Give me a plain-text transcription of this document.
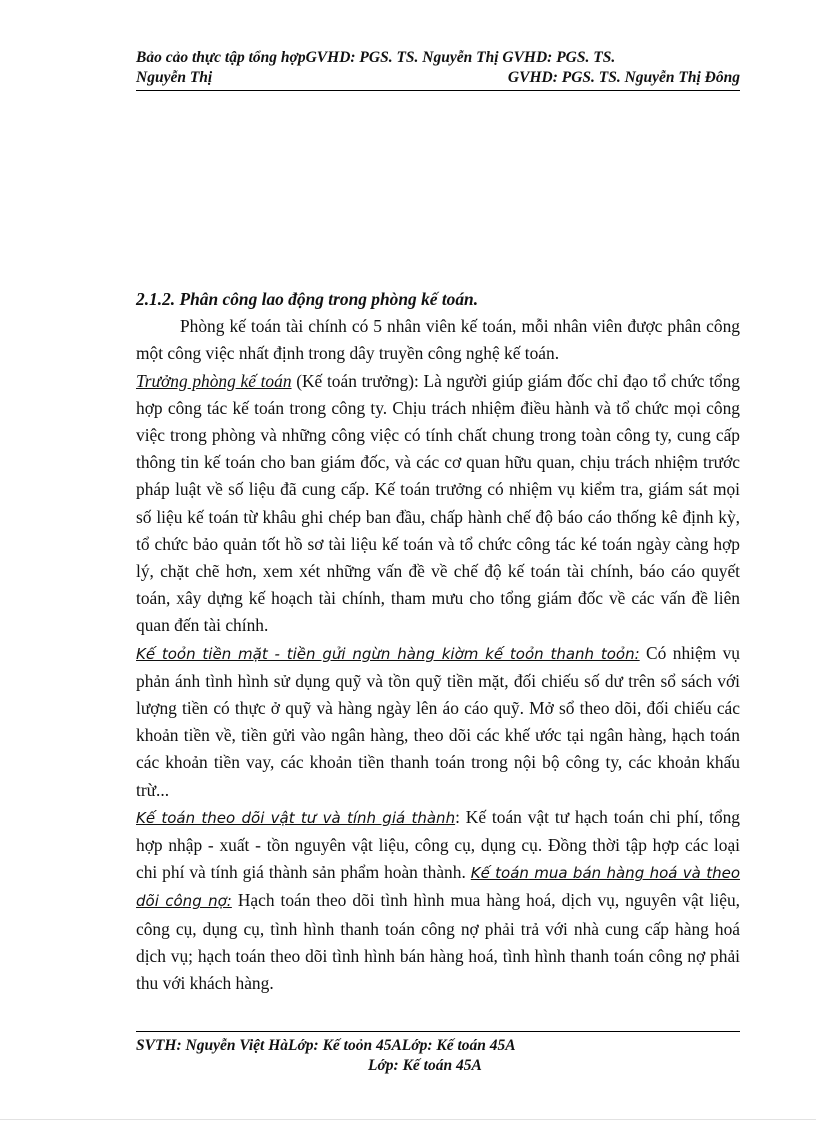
Bảo cảo thực tập tổng hợpGVHD: PGS. TS. Nguyễn Thị GVHD: PGS. TS.
Nguyễn Thị	GVHD: PGS. TS. Nguyễn Thị Đông

2.1.2. Phân công lao động trong phòng kế toán.

Phòng kế toán tài chính có 5 nhân viên kế toán, mỗi nhân viên được phân công một công việc nhất định trong dây truyền công nghệ kế toán.

Trưởng phòng kế toán (Kế toán trưởng): Là người giúp giám đốc chỉ đạo tổ chức tổng hợp công tác kế toán trong công ty. Chịu trách nhiệm điều hành và tổ chức mọi công việc trong phòng và những công việc có tính chất chung trong toàn công ty, cung cấp thông tin kế toán cho ban giám đốc, và các cơ quan hữu quan, chịu trách nhiệm trước pháp luật về số liệu đã cung cấp. Kế toán trưởng có nhiệm vụ kiểm tra, giám sát mọi số liệu kế toán từ khâu ghi chép ban đầu, chấp hành chế độ báo cáo thống kê định kỳ, tổ chức bảo quản tốt hồ sơ tài liệu kế toán và tổ chức công tác ké toán ngày càng hợp lý, chặt chẽ hơn, xem xét những vấn đề về chế độ kế toán tài chính, báo cáo quyết toán, xây dựng kế hoạch tài chính, tham mưu cho tổng giám đốc về các vấn đề liên quan đến tài chính.

Kế toỏn tiền mặt - tiền gửi ngừn hàng kiờm kế toỏn thanh toỏn: Có nhiệm vụ phản ánh tình hình sử dụng quỹ và tồn quỹ tiền mặt, đối chiếu số dư trên sổ sách với lượng tiền có thực ở quỹ và hàng ngày lên áo cáo quỹ. Mở sổ theo dõi, đối chiếu các khoản tiền về, tiền gửi vào ngân hàng, theo dõi các khế ước tại ngân hàng, hạch toán các khoản tiền vay, các khoản tiền thanh toán trong nội bộ công ty, các khoản khấu trừ...

Kế toán theo dõi vật tư và tính giá thành: Kế toán vật tư hạch toán chi phí, tổng hợp nhập - xuất - tồn nguyên vật liệu, công cụ, dụng cụ. Đồng thời tập hợp các loại chi phí và tính giá thành sản phẩm hoàn thành. Kế toán mua bán hàng hoá và theo dõi công nợ: Hạch toán theo dõi tình hình mua hàng hoá, dịch vụ, nguyên vật liệu, công cụ, dụng cụ, tình hình thanh toán công nợ phải trả với nhà cung cấp hàng hoá dịch vụ; hạch toán theo dõi tình hình bán hàng hoá, tình hình thanh toán công nợ phải thu với khách hàng.

SVTH: Nguyễn Việt HàLớp: Kế toỏn 45ALớp: Kế toán 45A
Lớp: Kế toán 45A
